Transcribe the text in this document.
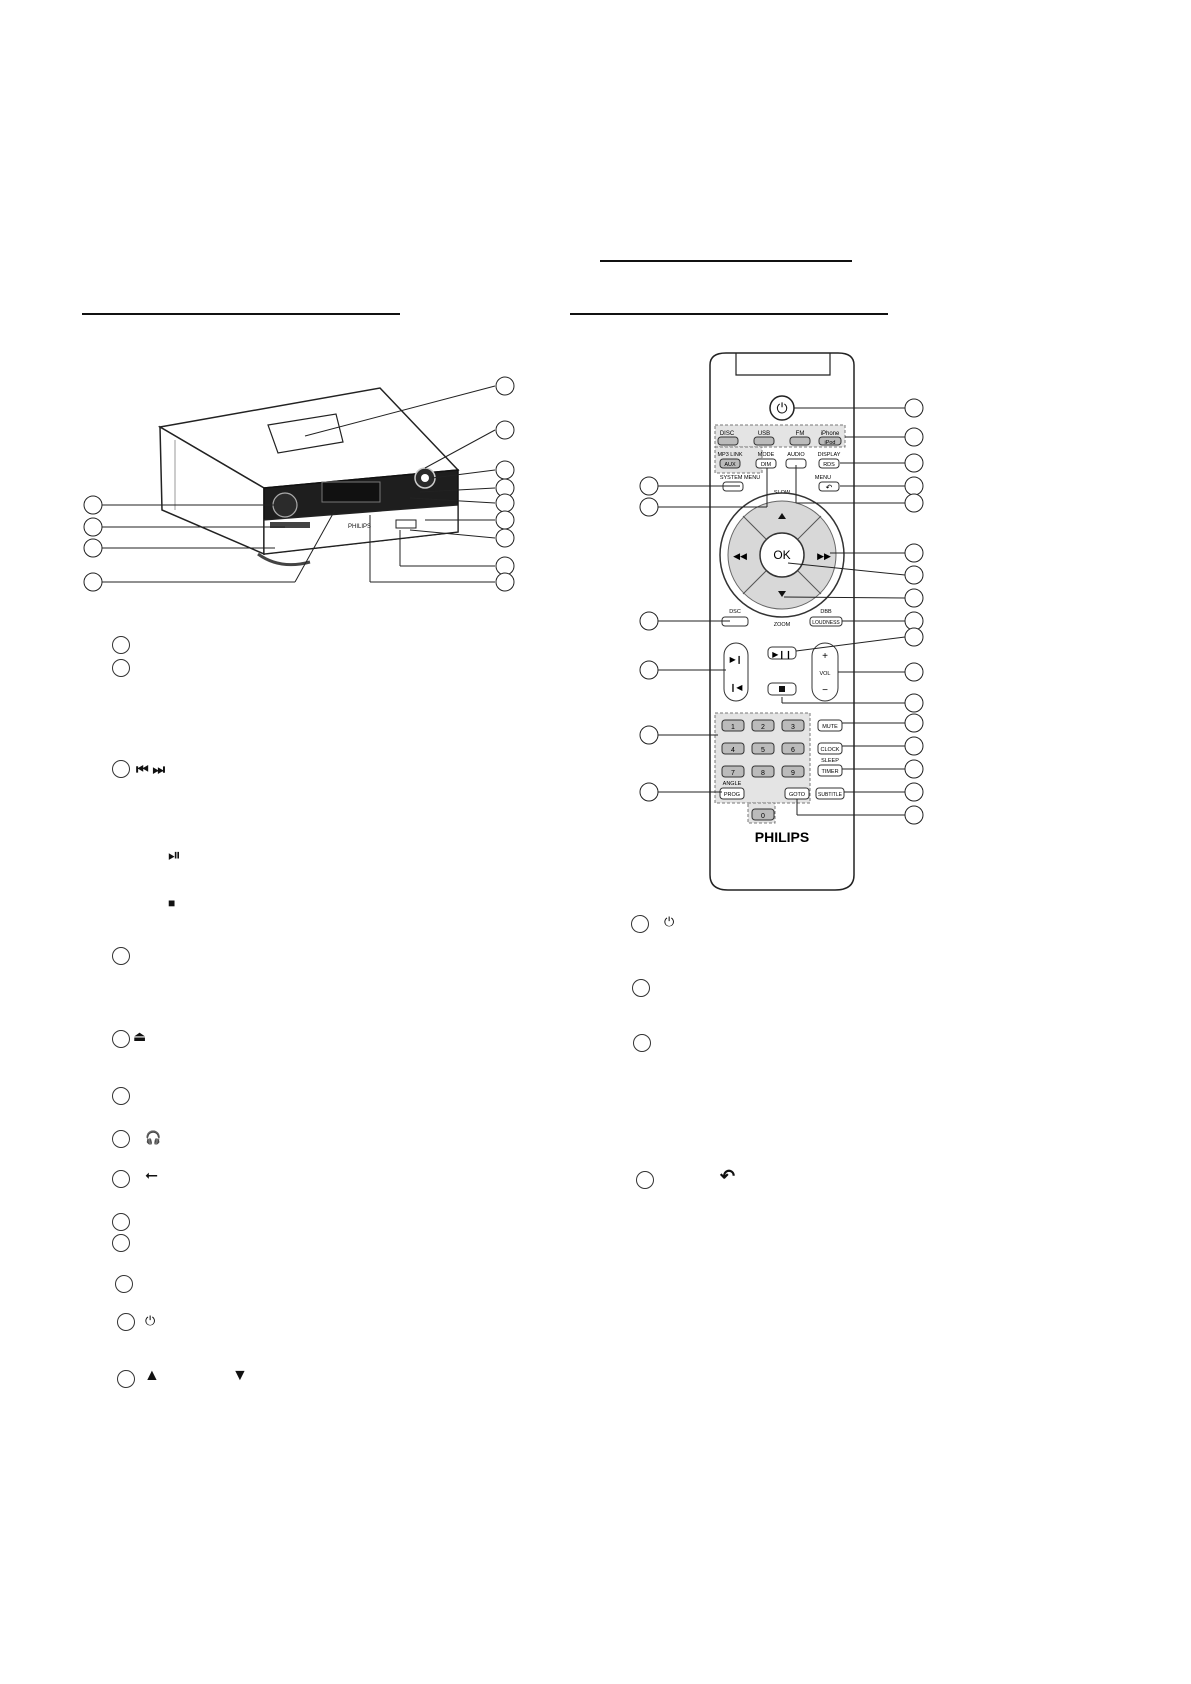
PHILIPS
⏮ ⏭
⏯
■
⏏
🎧
⭠
⏻
▲	▼
⏻
DISC	USB	FM	iPhone
iPod
MP3 LINK	MODE AUDIO DISPLAY
AUX	DIM	RDS
SYSTEM MENU	MENU
↶
OK
◀◀	▶▶
DSC	DBB
LOUDNESS
ZOOM
▶❙❙
▶❙
❙◀
+
VOL
−
1	2	3
4	5	6
7	8	9
0
MUTE
CLOCK
SLEEP
TIMER
SUBTITLE
ANGLE
PROG	GOTO
PHILIPS
⏻
↶
